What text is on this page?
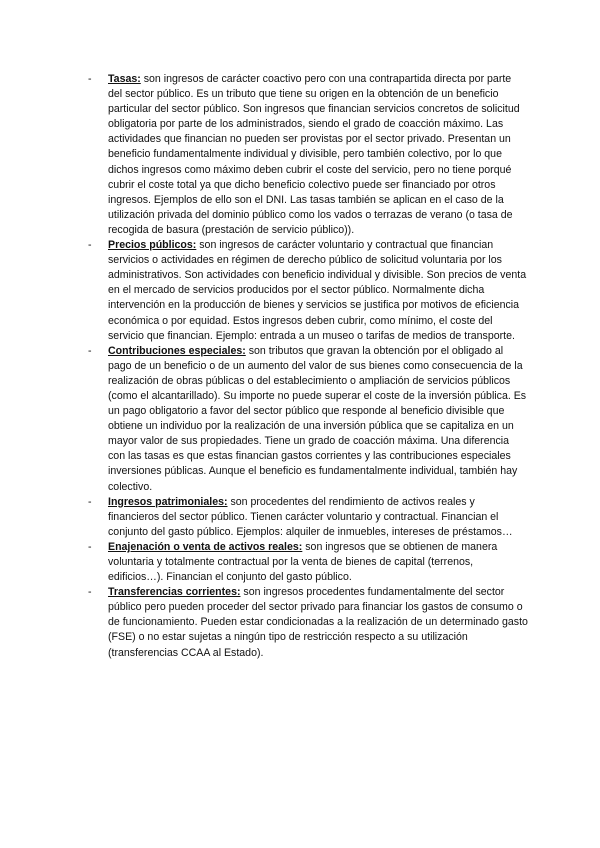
-	Tasas: son ingresos de carácter coactivo pero con una contrapartida directa por parte del sector público. Es un tributo que tiene su origen en la obtención de un beneficio particular del sector público. Son ingresos que financian servicios concretos de solicitud obligatoria por parte de los administrados, siendo el grado de coacción máximo. Las actividades que financian no pueden ser provistas por el sector privado. Presentan un beneficio fundamentalmente individual y divisible, pero también colectivo, por lo que dichos ingresos como máximo deben cubrir el coste del servicio, pero no tiene porqué cubrir el coste total ya que dicho beneficio colectivo puede ser financiado por otros ingresos. Ejemplos de ello son el DNI. Las tasas también se aplican en el caso de la utilización privada del dominio público como los vados o terrazas de verano (o tasa de recogida de basura (prestación de servicio público)).
-	Precios públicos: son ingresos de carácter voluntario y contractual que financian servicios o actividades en régimen de derecho público de solicitud voluntaria por los administrativos. Son actividades con beneficio individual y divisible. Son precios de venta en el mercado de servicios producidos por el sector público. Normalmente dicha intervención en la producción de bienes y servicios se justifica por motivos de eficiencia económica o por equidad. Estos ingresos deben cubrir, como mínimo, el coste del servicio que financian. Ejemplo: entrada a un museo o tarifas de medios de transporte.
-	Contribuciones especiales: son tributos que gravan la obtención por el obligado al pago de un beneficio o de un aumento del valor de sus bienes como consecuencia de la realización de obras públicas o del establecimiento o ampliación de servicios públicos (como el alcantarillado). Su importe no puede superar el coste de la inversión pública. Es un pago obligatorio a favor del sector público que responde al beneficio divisible que obtiene un individuo por la realización de una inversión pública que se capitaliza en un mayor valor de sus propiedades. Tiene un grado de coacción máxima. Una diferencia con las tasas es que estas financian gastos corrientes y las contribuciones especiales inversiones públicas. Aunque el beneficio es fundamentalmente individual, también hay colectivo.
-	Ingresos patrimoniales: son procedentes del rendimiento de activos reales y financieros del sector público. Tienen carácter voluntario y contractual. Financian el conjunto del gasto público. Ejemplos: alquiler de inmuebles, intereses de préstamos…
-	Enajenación o venta de activos reales: son ingresos que se obtienen de manera voluntaria y totalmente contractual por la venta de bienes de capital (terrenos, edificios…). Financian el conjunto del gasto público.
-	Transferencias corrientes: son ingresos procedentes fundamentalmente del sector público pero pueden proceder del sector privado para financiar los gastos de consumo o de funcionamiento. Pueden estar condicionadas a la realización de un determinado gasto (FSE) o no estar sujetas a ningún tipo de restricción respecto a su utilización (transferencias CCAA al Estado).
